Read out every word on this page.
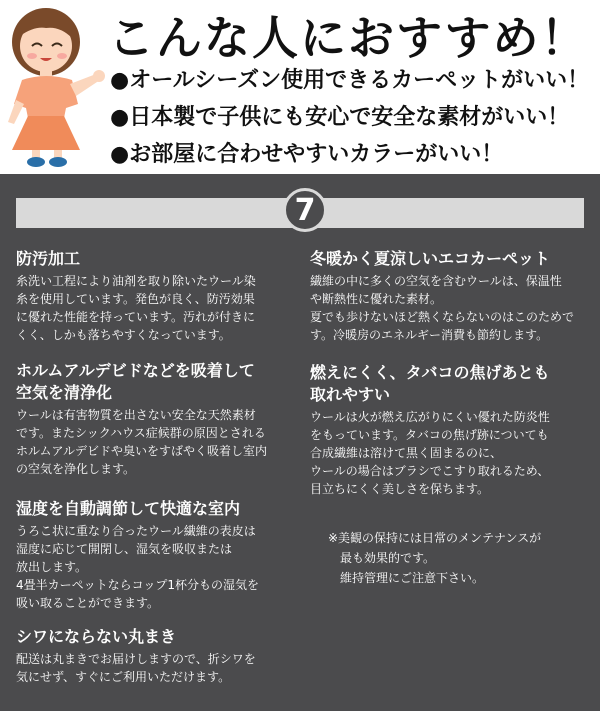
こんな人におすすめ！
●オールシーズン使用できるカーペットがいい！
●日本製で子供にも安心で安全な素材がいい！
●お部屋に合わせやすいカラーがいい！
7
防汚加工

糸洗い工程により油剤を取り除いたウール染
糸を使用しています。発色が良く、防汚効果
に優れた性能を持っています。汚れが付きに
くく、しかも落ちやすくなっています。

ホルムアルデビドなどを吸着して
空気を清浄化

ウールは有害物質を出さない安全な天然素材
です。またシックハウス症候群の原因とされる
ホルムアルデビドや臭いをすばやく吸着し室内
の空気を浄化します。

湿度を自動調節して快適な室内

うろこ状に重なり合ったウール繊維の表皮は
湿度に応じて開閉し、湿気を吸収または
放出します。
4畳半カーペットならコップ1杯分もの湿気を
吸い取ることができます。

シワにならない丸まき

配送は丸まきでお届けしますので、折シワを
気にせず、すぐにご利用いただけます。

冬暖かく夏涼しいエコカーペット

繊維の中に多くの空気を含むウールは、保温性
や断熱性に優れた素材。
夏でも歩けないほど熱くならないのはこのためで
す。冷暖房のエネルギー消費も節約します。

燃えにくく、タバコの焦げあとも
取れやすい

ウールは火が燃え広がりにくい優れた防炎性
をもっています。タバコの焦げ跡についても
合成繊維は溶けて黒く固まるのに、
ウールの場合はブラシでこすり取れるため、
目立ちにくく美しさを保ちます。

※美観の保持には日常のメンテナンスが
　最も効果的です。
　維持管理にご注意下さい。
